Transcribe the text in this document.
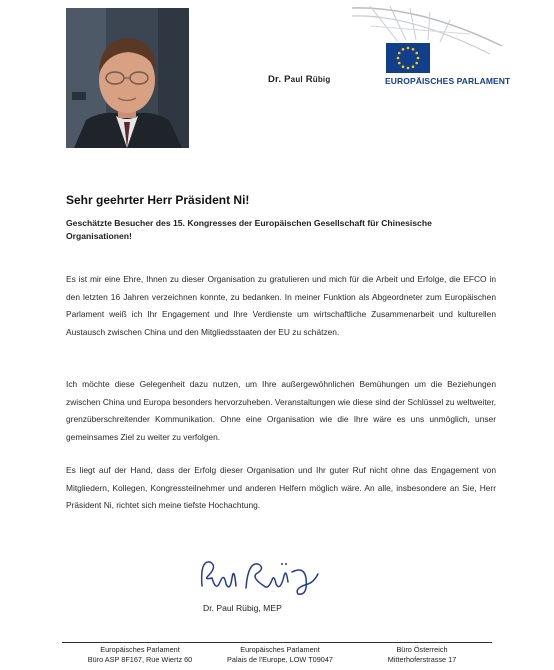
Dr. Paul Rübig	EUROPÄISCHES PARLAMENT
Sehr geehrter Herr Präsident Ni!
Geschätzte Besucher des 15. Kongresses der Europäischen Gesellschaft für Chinesische Organisationen!

Es ist mir eine Ehre, Ihnen zu dieser Organisation zu gratulieren und mich für die Arbeit und Erfolge, die EFCO in den letzten 16 Jahren verzeichnen konnte, zu bedanken. In meiner Funktion als Abgeordneter zum Europäischen Parlament weiß ich Ihr Engagement und Ihre Verdienste um wirtschaftliche Zusammenarbeit und kulturellen Austausch zwischen China und den Mitgliedsstaaten der EU zu schätzen.

Ich möchte diese Gelegenheit dazu nutzen, um Ihre außergewöhnlichen Bemühungen um die Beziehungen zwischen China und Europa besonders hervorzuheben. Veranstaltungen wie diese sind der Schlüssel zu weltweiter, grenzüberschreitender Kommunikation. Ohne eine Organisation wie die Ihre wäre es uns unmöglich, unser gemeinsames Ziel zu weiter zu verfolgen.

Es liegt auf der Hand, dass der Erfolg dieser Organisation und Ihr guter Ruf nicht ohne das Engagement von Mitgliedern, Kollegen, Kongressteilnehmer und anderen Helfern möglich wäre. An alle, insbesondere an Sie, Herr Präsident Ni, richtet sich meine tiefste Hochachtung.

Dr. Paul Rübig, MEP
Europäisches Parlament
Büro ASP 8F167, Rue Wiertz 60
Europäisches Parlament
Palais de l'Europe, LOW T09047
Büro Österreich
Mitterhoferstrasse 17
